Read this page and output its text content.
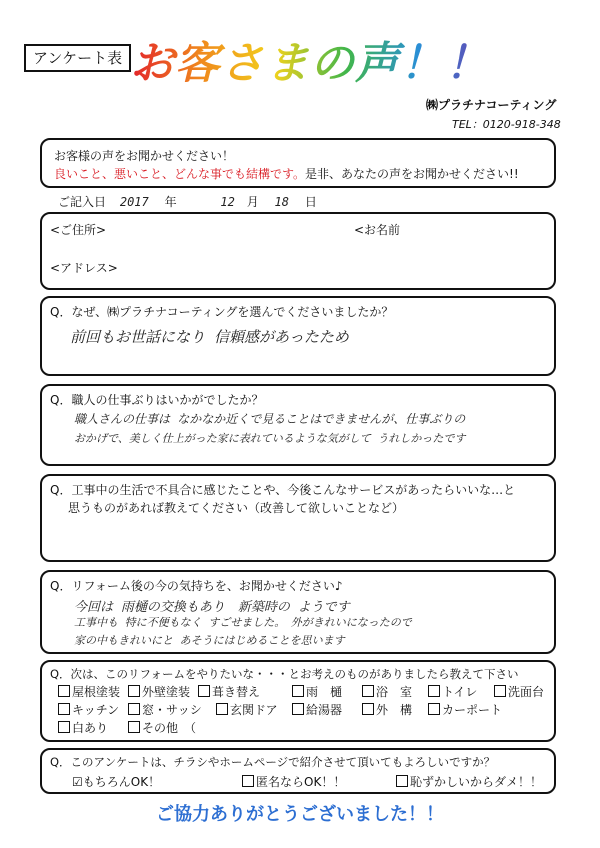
アンケート表 お客さまの声！！
㈱プラチナコーティング
TEL：0120-918-348
お客様の声をお聞かせください！
良いこと、悪いこと、どんな事でも結構です。是非、あなたの声をお聞かせください!!
ご記入日 2017 年	12 月 18 日
<ご住所>	<お名前
<アドレス>
Q．なぜ、㈱プラチナコーティングを選んでくださいましたか？
前回もお世話になり 信頼感があったため
Q．職人の仕事ぶりはいかがでしたか？
職人さんの仕事は なかなか近くで見ることはできませんが、仕事ぶりの
おかげで、美しく仕上がった家に表れているような気がして うれしかったです
Q．工事中の生活で不具合に感じたことや、今後こんなサービスがあったらいいな…と
思うものがあれば教えてください（改善して欲しいことなど）
Q．リフォーム後の今の気持ちを、お聞かせください♪
今回は 雨樋の交換もあり　新築時の ようです
工事中も 特に不便もなく すごせました。　外がきれいになったので
家の中もきれいにと あそうにはじめることを思います
Q．次は、このリフォームをやりたいな・・・とお考えのものがありましたら教えて下さい
屋根塗装	外壁塗装	葺き替え	雨　樋	浴　室	トイレ	洗面台
キッチン	窓・サッシ	玄関ドア	給湯器	外　構	カーポート
白あり	その他　（
Q．このアンケートは、チラシやホームページで紹介させて頂いてもよろしいですか？
☑もちろんOK！	匿名ならOK！！	恥ずかしいからダメ！！
ご協力ありがとうございました！！
